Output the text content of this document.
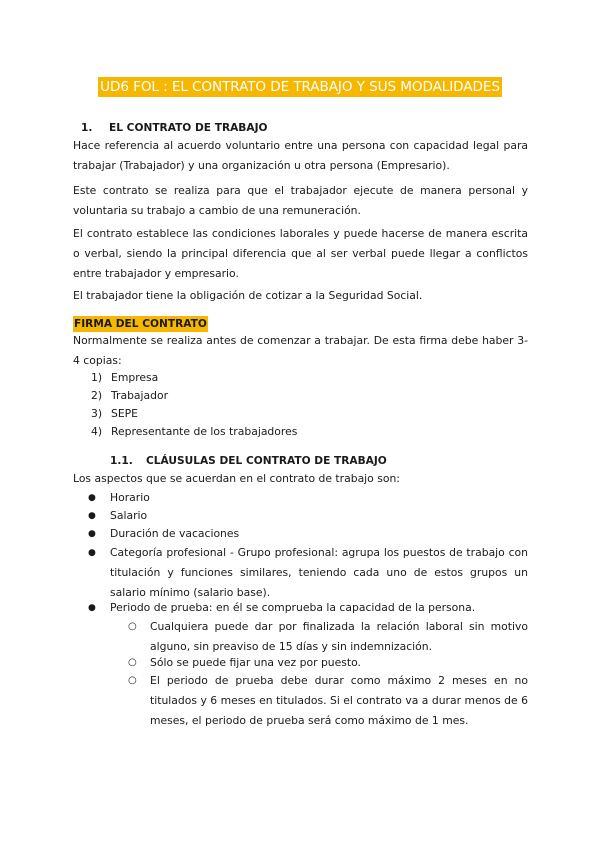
UD6 FOL : EL CONTRATO DE TRABAJO Y SUS MODALIDADES
1. EL CONTRATO DE TRABAJO
Hace referencia al acuerdo voluntario entre una persona con capacidad legal para trabajar (Trabajador) y una organización u otra persona (Empresario).
Este contrato se realiza para que el trabajador ejecute de manera personal y voluntaria su trabajo a cambio de una remuneración.
El contrato establece las condiciones laborales y puede hacerse de manera escrita o verbal, siendo la principal diferencia que al ser verbal puede llegar a conflictos entre trabajador y empresario.
El trabajador tiene la obligación de cotizar a la Seguridad Social.
FIRMA DEL CONTRATO
Normalmente se realiza antes de comenzar a trabajar. De esta firma debe haber 3-4 copias:
1) Empresa
2) Trabajador
3) SEPE
4) Representante de los trabajadores
1.1. CLÁUSULAS DEL CONTRATO DE TRABAJO
Los aspectos que se acuerdan en el contrato de trabajo son:
● Horario
● Salario
● Duración de vacaciones
● Categoría profesional - Grupo profesional: agrupa los puestos de trabajo con titulación y funciones similares, teniendo cada uno de estos grupos un salario mínimo (salario base).
● Periodo de prueba: en él se comprueba la capacidad de la persona.
○ Cualquiera puede dar por finalizada la relación laboral sin motivo alguno, sin preaviso de 15 días y sin indemnización.
○ Sólo se puede fijar una vez por puesto.
○ El periodo de prueba debe durar como máximo 2 meses en no titulados y 6 meses en titulados. Si el contrato va a durar menos de 6 meses, el periodo de prueba será como máximo de 1 mes.
